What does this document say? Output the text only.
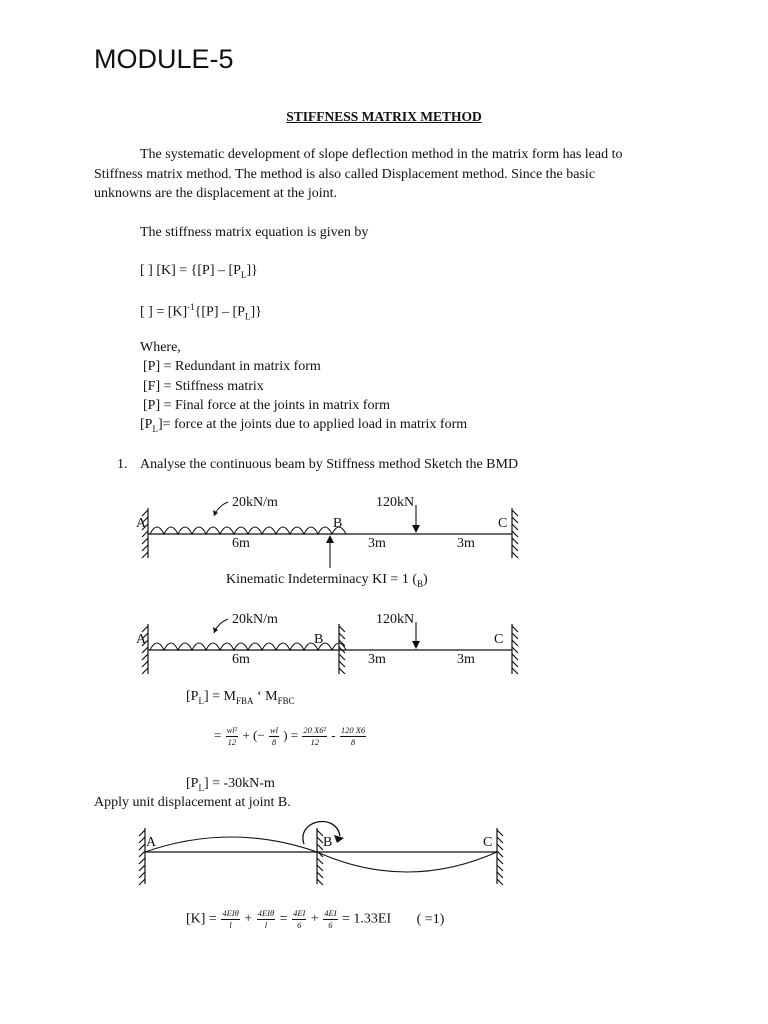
MODULE-5
STIFFNESS MATRIX METHOD
The systematic development of slope deflection method in the matrix form has lead to
Stiffness matrix method. The method is also called Displacement method. Since the basic
unknowns are the displacement at the joint.
The stiffness matrix equation is given by
[ ] $[K] = \{[P] - [P_L]\}$
[ ] = $[K]^{-1}\{[P] - [P_L]\}$
Where,
[P] = Redundant in matrix form
[F] = Stiffness matrix
[P] = Final force at the joints in matrix form
$[P_L]=$ force at the joints due to applied load in matrix form
1. Analyse the continuous beam by Stiffness method Sketch the BMD
20kN/m	120kN
A	B	C
6m	3m	3m
Kinematic Indeterminacy KI = 1 $(_B)$
20kN/m	120kN
A	B	C
6m	3m	3m
$[P_L] = M_{FBA}$ ʻ $M_{FBC}$
= $\frac{\text{wl²}}{12}$ + (− $\frac{wl}{8}$ ) = $\frac{\text{20 X6²}}{12} - \frac{120 X6}{8}$
$[P_L] = -30kN-m$
Apply unit displacement at joint B.
A	B	C
$[K] = \frac{\text{4EIθ}}{l} + \frac{\text{4EIθ}}{l} = \frac{4EI}{6} + \frac{4EI}{6} = 1.33EI$ ( =1)
